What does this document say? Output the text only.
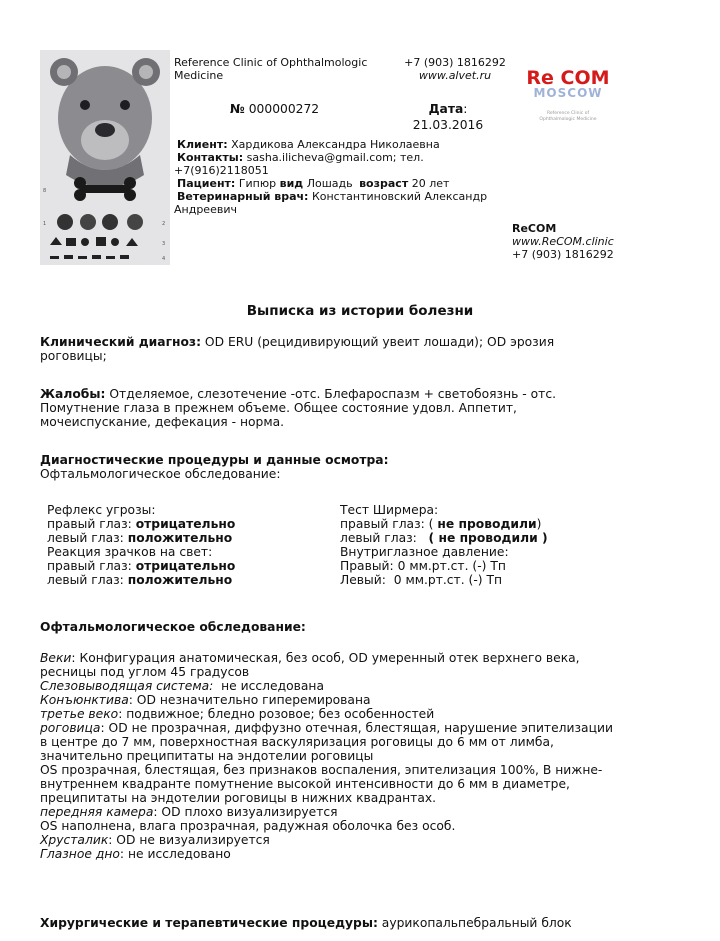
8
1	2
3
4
Reference Clinic of Ophthalmologic
Medicine
+7 (903) 1816292
www.alvet.ru	Re COM
MOSCOW
Reference Clinic of
Ophthalmologic Medicine
№ 000000272	Дата:
21.03.2016
Клиент: Хардикова Александра Николаевна
Контакты: sasha.ilicheva@gmail.com; тел.
+7(916)2118051
Пациент: Гипюр вид Лошадь возраст 20 лет
Ветеринарный врач: Константиновский Александр
Андреевич
ReCOM
www.ReCOM.clinic
+7 (903) 1816292
Выписка из истории болезни
Клинический диагноз: OD ERU (рецидивирующий увеит лошади); OD эрозия
роговицы;
Жалобы: Отделяемое, слезотечение -отс. Блефароспазм + светобоязнь - отс.
Помутнение глаза в прежнем объеме. Общее состояние удовл. Аппетит,
мочеиспускание, дефекация - норма.
Диагностические процедуры и данные осмотра:
Офтальмологическое обследование:
Рефлекс угрозы:
правый глаз: отрицательно
левый глаз: положительно
Реакция зрачков на свет:
правый глаз: отрицательно
левый глаз: положительно
Тест Ширмера:
правый глаз: ( не проводили)
левый глаз:   ( не проводили )
Внутриглазное давление:
Правый: 0 мм.рт.ст. (-) Тп
Левый:  0 мм.рт.ст. (-) Тп
Офтальмологическое обследование:
Веки: Конфигурация анатомическая, без особ, OD умеренный отек верхнего века,
ресницы под углом 45 градусов
Слезовыводящая система:  не исследована
Конъюнктива: OD незначительно гиперемирована
третье веко: подвижное; бледно розовое; без особенностей
роговица: OD не прозрачная, диффузно отечная, блестящая, нарушение эпителизации
в центре до 7 мм, поверхностная васкуляризация роговицы до 6 мм от лимба,
значительно преципитаты на эндотелии роговицы
OS прозрачная, блестящая, без признаков воспаления, эпителизация 100%, В нижне-
внутреннем квадранте помутнение высокой интенсивности до 6 мм в диаметре,
преципитаты на эндотелии роговицы в нижних квадрантах.
передняя камера: OD плохо визуализируется
OS наполнена, влага прозрачная, радужная оболочка без особ.
Хрусталик: OD не визуализируется
Глазное дно: не исследовано
Хирургические и терапевтические процедуры: аурикопальпебральный блок
